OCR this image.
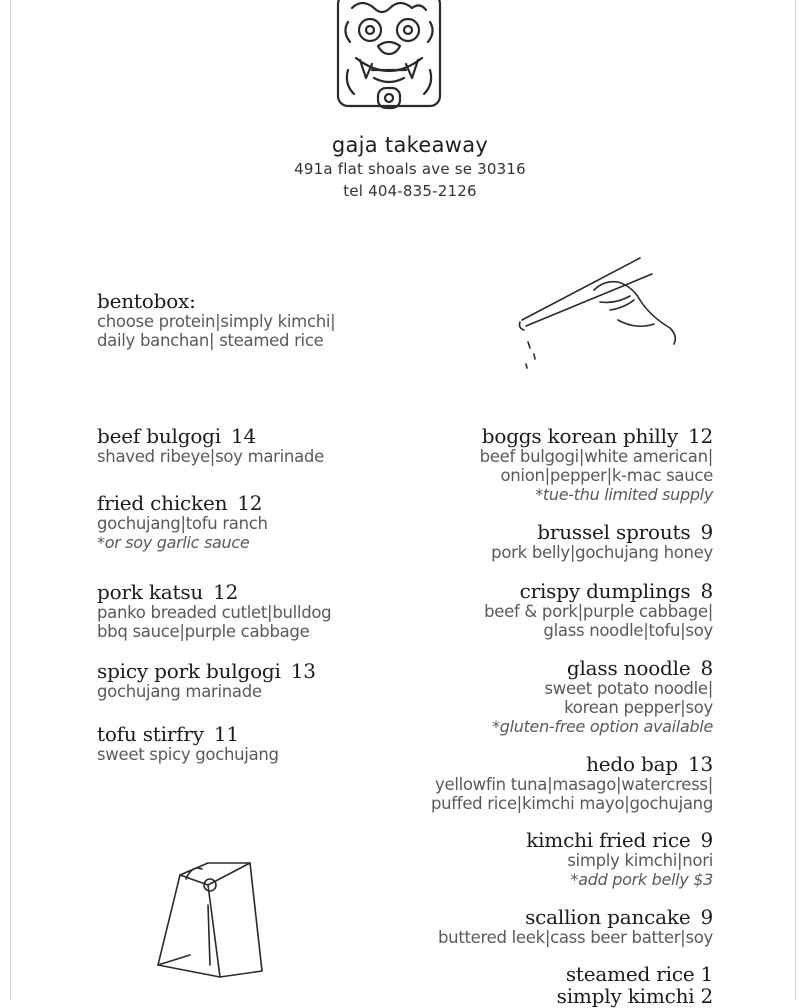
gaja takeaway
491a flat shoals ave se 30316
tel 404-835-2126
bentobox:
choose protein|simply kimchi|
daily banchan| steamed rice
beef bulgogi 14
shaved ribeye|soy marinade
fried chicken 12
gochujang|tofu ranch
*or soy garlic sauce
pork katsu 12
panko breaded cutlet|bulldog
bbq sauce|purple cabbage
spicy pork bulgogi 13
gochujang marinade
tofu stirfry 11
sweet spicy gochujang
boggs korean philly 12
beef bulgogi|white american|
onion|pepper|k-mac sauce
*tue-thu limited supply
brussel sprouts 9
pork belly|gochujang honey
crispy dumplings 8
beef & pork|purple cabbage|
glass noodle|tofu|soy
glass noodle 8
sweet potato noodle|
korean pepper|soy
*gluten-free option available
hedo bap 13
yellowfin tuna|masago|watercress|
puffed rice|kimchi mayo|gochujang
kimchi fried rice 9
simply kimchi|nori
*add pork belly $3
scallion pancake 9
buttered leek|cass beer batter|soy
steamed rice 1
simply kimchi 2
